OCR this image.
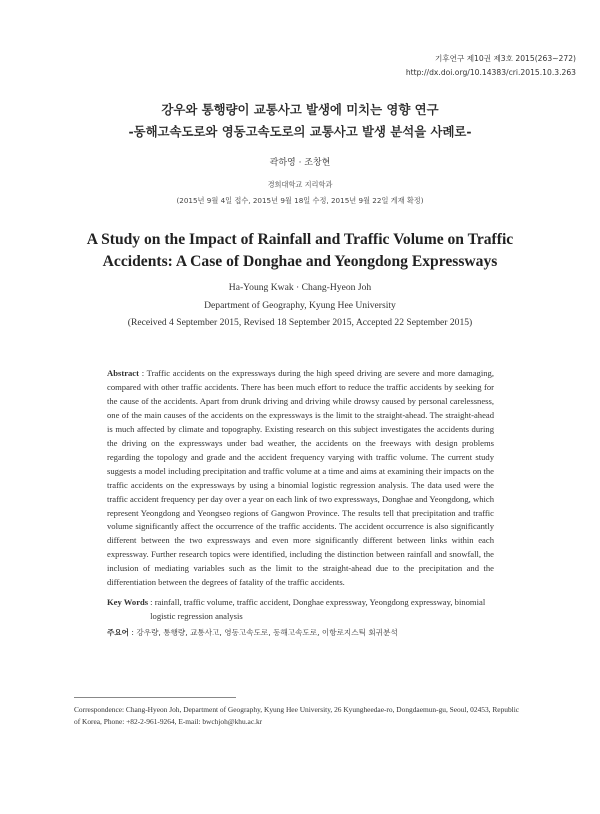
기후연구 제10권 제3호 2015(263~272)
http://dx.doi.org/10.14383/cri.2015.10.3.263
강우와 통행량이 교통사고 발생에 미치는 영향 연구
-동해고속도로와 영동고속도로의 교통사고 발생 분석을 사례로-
곽하영 · 조창현
경희대학교 지리학과
(2015년 9월 4일 접수, 2015년 9월 18일 수정, 2015년 9월 22일 게재 확정)
A Study on the Impact of Rainfall and Traffic Volume on Traffic
Accidents: A Case of Donghae and Yeongdong Expressways
Ha-Young Kwak · Chang-Hyeon Joh
Department of Geography, Kyung Hee University
(Received 4 September 2015, Revised 18 September 2015, Accepted 22 September 2015)
Abstract : Traffic accidents on the expressways during the high speed driving are severe and more damaging, compared with other traffic accidents. There has been much effort to reduce the traffic accidents by seeking for the cause of the accidents. Apart from drunk driving and driving while drowsy caused by personal carelessness, one of the main causes of the accidents on the expressways is the limit to the straight-ahead. The straight-ahead is much affected by climate and topography. Existing research on this subject investigates the accidents during the driving on the expressways under bad weather, the accidents on the freeways with design problems regarding the topology and grade and the accident frequency varying with traffic volume. The current study suggests a model including precipitation and traffic volume at a time and aims at examining their impacts on the traffic accidents on the expressways by using a binomial logistic regression analysis. The data used were the traffic accident frequency per day over a year on each link of two expressways, Donghae and Yeongdong, which represent Yeongdong and Yeongseo regions of Gangwon Province. The results tell that precipitation and traffic volume significantly affect the occurrence of the traffic accidents. The accident occurrence is also significantly different between the two expressways and even more significantly different between links within each expressway. Further research topics were identified, including the distinction between rainfall and snowfall, the inclusion of mediating variables such as the limit to the straight-ahead due to the precipitation and the differentiation between the degrees of fatality of the traffic accidents.
Key Words : rainfall, traffic volume, traffic accident, Donghae expressway, Yeongdong expressway, binomial logistic regression analysis
주요어 : 강우량, 통행량, 교통사고, 영동고속도로, 동해고속도로, 이항로지스틱 회귀분석
Correspondence: Chang-Hyeon Joh, Department of Geography, Kyung Hee University, 26 Kyungheedae-ro, Dongdaemun-gu, Seoul, 02453, Republic of Korea, Phone: +82-2-961-9264, E-mail: bwchjoh@khu.ac.kr
